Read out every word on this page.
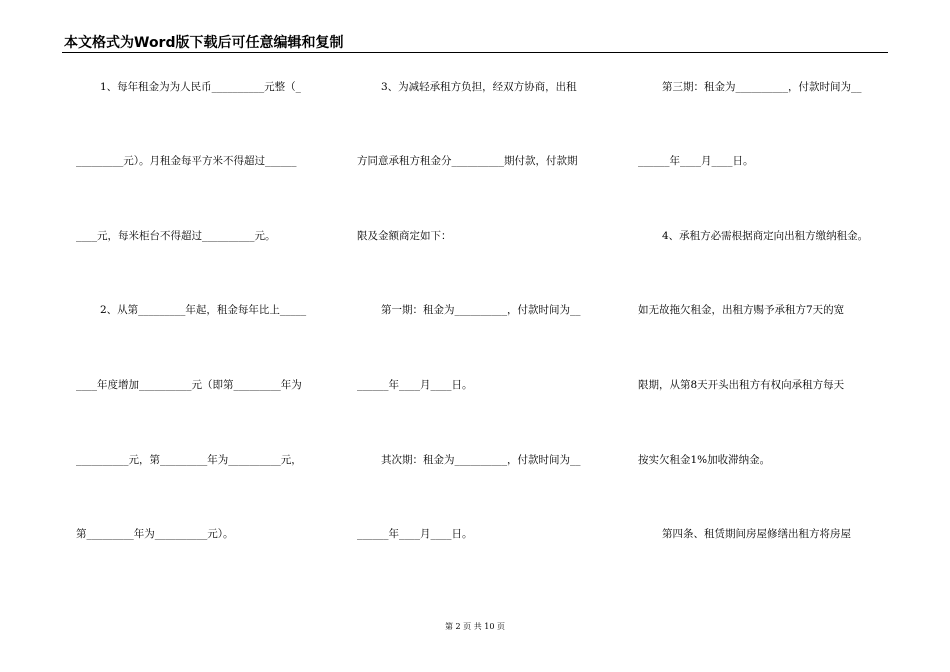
本文格式为Word版下载后可任意编辑和复制
1、每年租金为为人民币__________元整（_
_________元）。月租金每平方米不得超过______
____元，每米柜台不得超过__________元。
2、从第_________年起，租金每年比上_____
____年度增加__________元（即第_________年为
__________元，第_________年为__________元，
第_________年为__________元）。
3、为减轻承租方负担，经双方协商，出租
方同意承租方租金分__________期付款，付款期
限及金额商定如下：
第一期：租金为__________，付款时间为__
______年____月____日。
其次期：租金为__________，付款时间为__
______年____月____日。
第三期：租金为__________，付款时间为__
______年____月____日。
4、承租方必需根据商定向出租方缴纳租金。
如无故拖欠租金，出租方赐予承租方7天的宽
限期，从第8天开头出租方有权向承租方每天
按实欠租金1%加收滞纳金。
第四条、租赁期间房屋修缮出租方将房屋
第 2 页 共 10 页
